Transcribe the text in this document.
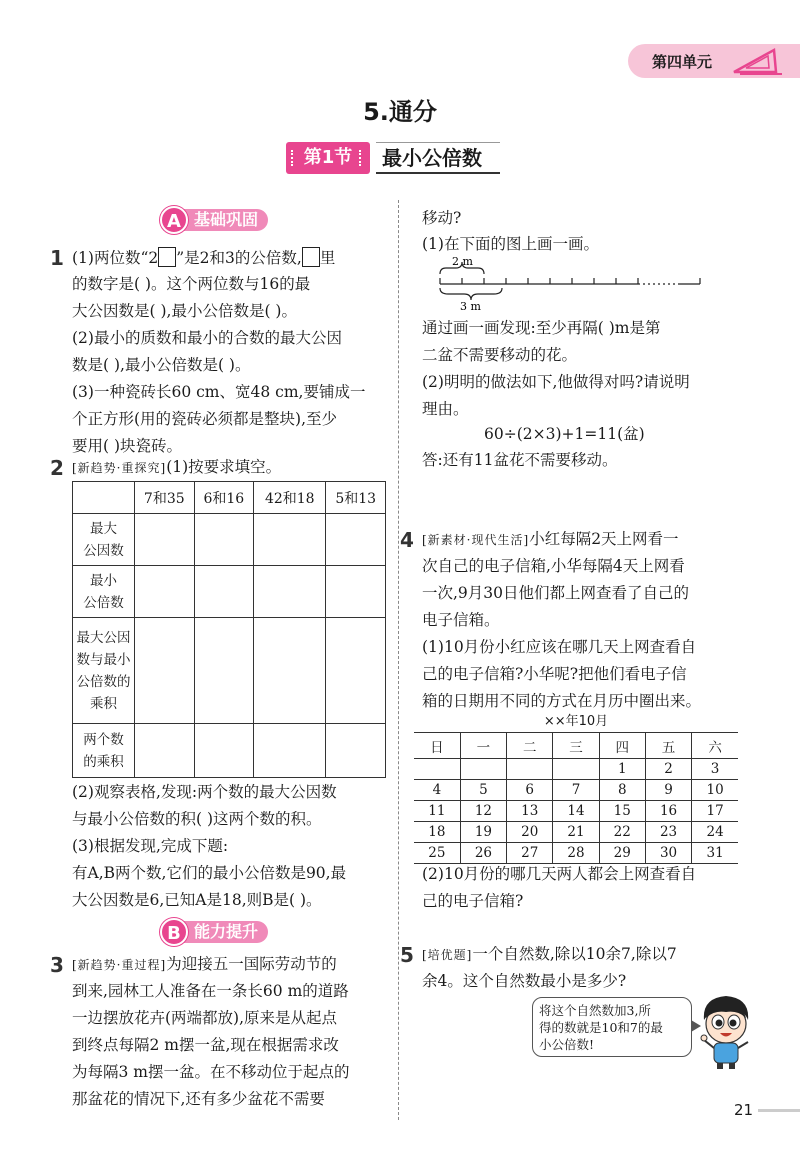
第四单元
5.通分
第1节	最小公倍数
基础巩固
A
1 (1)两位数“2 ”是2和3的公倍数, 里
的数字是( )。这个两位数与16的最
大公因数是( ),最小公倍数是( )。
(2)最小的质数和最小的合数的最大公因
数是( ),最小公倍数是( )。
(3)一种瓷砖长60 cm、宽48 cm,要铺成一
个正方形(用的瓷砖必须都是整块),至少
要用( )块瓷砖。
2 [新趋势·重探究](1)按要求填空。
	7和35	6和16	42和18	5和13

最大
公因数				

最小
公倍数				

最大公因
数与最小
公倍数的
乘积				

两个数
的乘积				

(2)观察表格,发现:两个数的最大公因数
与最小公倍数的积( )这两个数的积。
(3)根据发现,完成下题:
有A,B两个数,它们的最小公倍数是90,最
大公因数是6,已知A是18,则B是( )。
能力提升
B
3 [新趋势·重过程]为迎接五一国际劳动节的
到来,园林工人准备在一条长60 m的道路
一边摆放花卉(两端都放),原来是从起点
到终点每隔2 m摆一盆,现在根据需求改
为每隔3 m摆一盆。在不移动位于起点的
那盆花的情况下,还有多少盆花不需要
移动?
(1)在下面的图上画一画。
2 m
3 m
通过画一画发现:至少再隔( )m是第
二盆不需要移动的花。
(2)明明的做法如下,他做得对吗?请说明
理由。
60÷(2×3)+1=11(盆)
答:还有11盆花不需要移动。
4 [新素材·现代生活]小红每隔2天上网看一
次自己的电子信箱,小华每隔4天上网看
一次,9月30日他们都上网查看了自己的
电子信箱。
(1)10月份小红应该在哪几天上网查看自
己的电子信箱?小华呢?把他们看电子信
箱的日期用不同的方式在月历中圈出来。
××年10月
日	一	二	三	四	五	六
				1	2	3
4	5	6	7	8	9	10
11	12	13	14	15	16	17
18	19	20	21	22	23	24
25	26	27	28	29	30	31
(2)10月份的哪几天两人都会上网查看自
己的电子信箱?
5 [培优题]一个自然数,除以10余7,除以7
余4。这个自然数最小是多少?
将这个自然数加3,所
得的数就是10和7的最
小公倍数!
21
